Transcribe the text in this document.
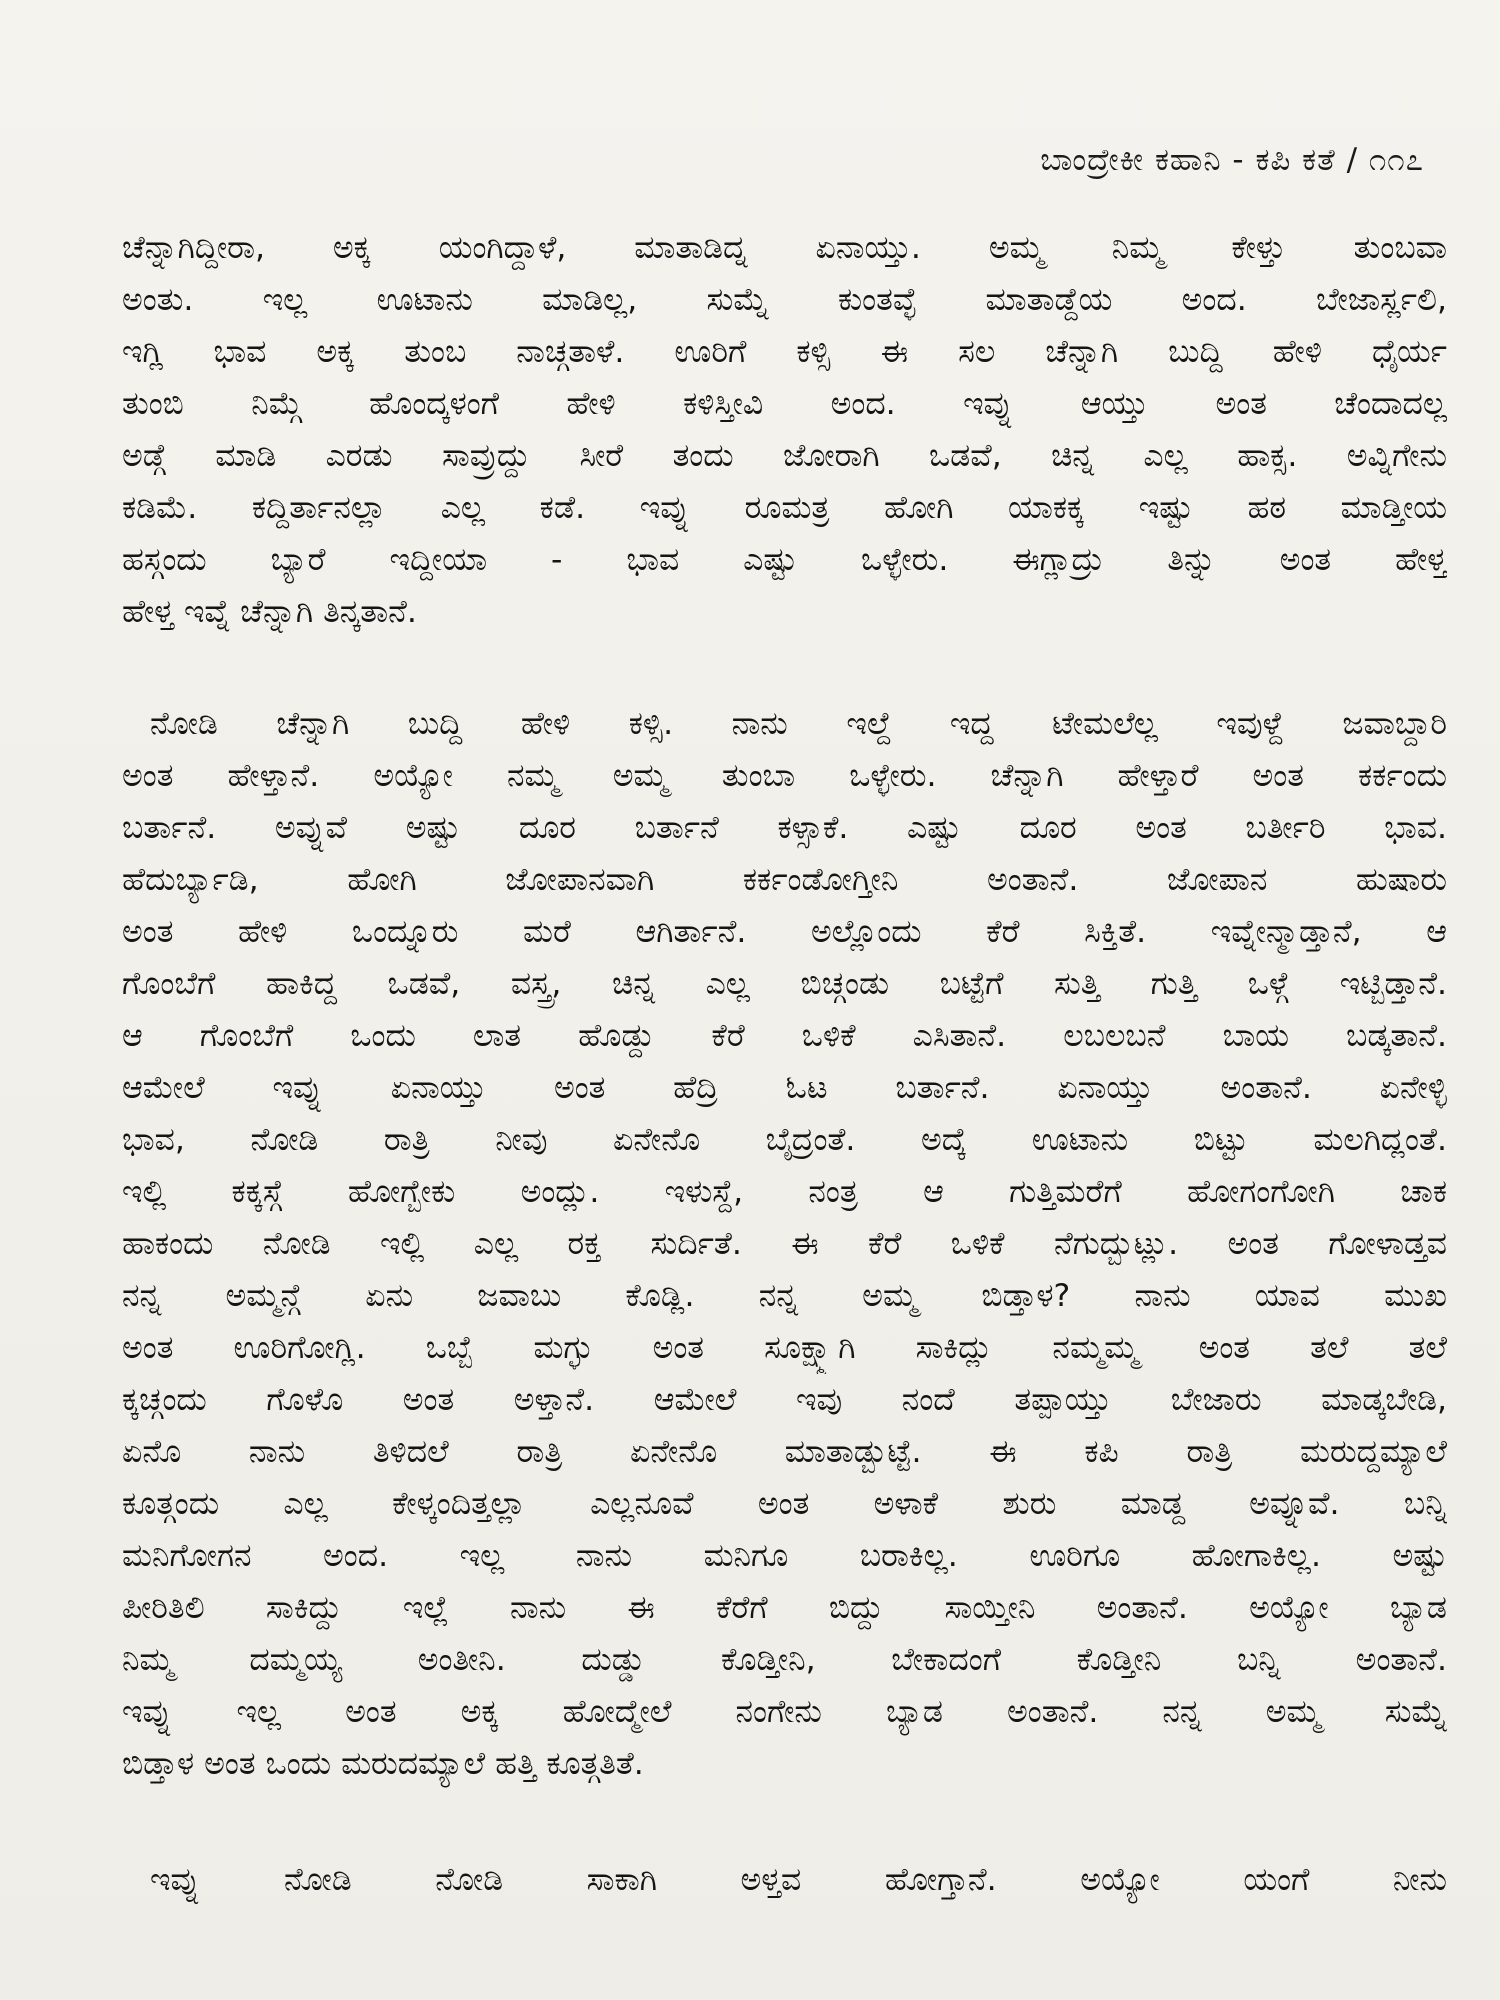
ಬಾಂದ್ರೇಕೀ ಕಹಾನಿ - ಕಪಿ ಕತೆ / ೧೧೭
ಚೆನ್ನಾಗಿದ್ದೀರಾ, ಅಕ್ಕ ಯಂಗಿದ್ದಾಳೆ, ಮಾತಾಡಿದ್ನ ಏನಾಯ್ತು. ಅಮ್ಮ ನಿಮ್ಮ ಕೇಳ್ತು ತುಂಬವಾ
ಅಂತು. ಇಲ್ಲ ಊಟಾನು ಮಾಡಿಲ್ಲ, ಸುಮ್ನೆ ಕುಂತವ್ಳೆ ಮಾತಾಡ್ದೆಯ ಅಂದ. ಬೇಜಾರ್ಸ್ಲಲಿ,
ಇಗ್ಲಿ ಭಾವ ಅಕ್ಕ ತುಂಬ ನಾಚ್ಗತಾಳೆ. ಊರಿಗೆ ಕಳ್ಸಿ ಈ ಸಲ ಚೆನ್ನಾಗಿ ಬುದ್ದಿ ಹೇಳಿ ಧೈರ್ಯ
ತುಂಬಿ ನಿಮ್ಗೆ ಹೊಂದ್ಕಳಂಗೆ ಹೇಳಿ ಕಳಿಸ್ತೀವಿ ಅಂದ. ಇವ್ನು ಆಯ್ತು ಅಂತ ಚೆಂದಾದಲ್ಲ
ಅಡ್ಗೆ ಮಾಡಿ ಎರಡು ಸಾವ್ರುದ್ದು ಸೀರೆ ತಂದು ಜೋರಾಗಿ ಒಡವೆ, ಚಿನ್ನ ಎಲ್ಲ ಹಾಕ್ಸ. ಅವ್ನಿಗೇನು
ಕಡಿಮೆ. ಕದ್ದಿರ್ತಾನಲ್ಲಾ ಎಲ್ಲ ಕಡೆ. ಇವ್ನು ರೂಮತ್ರ ಹೋಗಿ ಯಾಕಕ್ಕ ಇಷ್ಟು ಹಠ ಮಾಡ್ತೀಯ
ಹಸ್ಗಂದು ಬ್ಯಾರೆ ಇದ್ದೀಯಾ - ಭಾವ ಎಷ್ಟು ಒಳ್ಳೇರು. ಈಗ್ಲಾದ್ರು ತಿನ್ನು ಅಂತ ಹೇಳ್ತ
ಹೇಳ್ತ ಇವ್ನೆ ಚೆನ್ನಾಗಿ ತಿನ್ಕತಾನೆ.
ನೋಡಿ ಚೆನ್ನಾಗಿ ಬುದ್ದಿ ಹೇಳಿ ಕಳ್ಸಿ. ನಾನು ಇಲ್ದೆ ಇದ್ದ ಟೇಮಲೆಲ್ಲ ಇವುಳ್ದೆ ಜವಾಬ್ದಾರಿ
ಅಂತ ಹೇಳ್ತಾನೆ. ಅಯ್ಯೋ ನಮ್ಮ ಅಮ್ಮ ತುಂಬಾ ಒಳ್ಳೇರು. ಚೆನ್ನಾಗಿ ಹೇಳ್ತಾರೆ ಅಂತ ಕರ್ಕಂದು
ಬರ್ತಾನೆ. ಅವ್ನುವೆ ಅಷ್ಟು ದೂರ ಬರ್ತಾನೆ ಕಳ್ಸಾಕೆ. ಎಷ್ಟು ದೂರ ಅಂತ ಬರ್ತೀರಿ ಭಾವ.
ಹೆದುರ್ಬ್ಯಾಡಿ, ಹೋಗಿ ಜೋಪಾನವಾಗಿ ಕರ್ಕಂಡೋಗ್ತೀನಿ ಅಂತಾನೆ. ಜೋಪಾನ ಹುಷಾರು
ಅಂತ ಹೇಳಿ ಒಂದ್ನೂರು ಮರೆ ಆಗಿರ್ತಾನೆ. ಅಲ್ಲೊಂದು ಕೆರೆ ಸಿಕ್ತಿತೆ. ಇವ್ನೇನ್ಮಾಡ್ತಾನೆ, ಆ
ಗೊಂಬೆಗೆ ಹಾಕಿದ್ದ ಒಡವೆ, ವಸ್ತ್ರ, ಚಿನ್ನ ಎಲ್ಲ ಬಿಚ್ಗಂಡು ಬಟ್ಟೆಗೆ ಸುತ್ತಿ ಗುತ್ತಿ ಒಳ್ಗೆ ಇಟ್ಬಿಡ್ತಾನೆ.
ಆ ಗೊಂಬೆಗೆ ಒಂದು ಲಾತ ಹೊಡ್ದು ಕೆರೆ ಒಳಿಕೆ ಎಸಿತಾನೆ. ಲಬಲಬನೆ ಬಾಯ ಬಡ್ಕತಾನೆ.
ಆಮೇಲೆ ಇವ್ನು ಏನಾಯ್ತು ಅಂತ ಹೆದ್ರಿ ಓಟ ಬರ್ತಾನೆ. ಏನಾಯ್ತು ಅಂತಾನೆ. ಏನೇಳ್ಳಿ
ಭಾವ, ನೋಡಿ ರಾತ್ರಿ ನೀವು ಏನೇನೊ ಬೈದ್ರಂತೆ. ಅದ್ಕೆ ಊಟಾನು ಬಿಟ್ಟು ಮಲಗಿದ್ಲಂತೆ.
ಇಲ್ಲಿ ಕಕ್ಕಸ್ಗೆ ಹೋಗ್ಬೇಕು ಅಂದ್ಲು. ಇಳುಸ್ದೆ, ನಂತ್ರ ಆ ಗುತ್ತಿಮರೆಗೆ ಹೋಗಂಗೋಗಿ ಚಾಕ
ಹಾಕಂದು ನೋಡಿ ಇಲ್ಲಿ ಎಲ್ಲ ರಕ್ತ ಸುರ್ದಿತೆ. ಈ ಕೆರೆ ಒಳಿಕೆ ನೆಗುದ್ಬುಟ್ಲು. ಅಂತ ಗೋಳಾಡ್ತವ
ನನ್ನ ಅಮ್ಮನ್ಗೆ ಏನು ಜವಾಬು ಕೊಡ್ಲಿ. ನನ್ನ ಅಮ್ಮ ಬಿಡ್ತಾಳ? ನಾನು ಯಾವ ಮುಖ
ಅಂತ ಊರಿಗೋಗ್ಲಿ. ಒಬ್ಬೆ ಮಗ್ಳು ಅಂತ ಸೂಕ್ಷ್ಮಾಗಿ ಸಾಕಿದ್ಲು ನಮ್ಮಮ್ಮ ಅಂತ ತಲೆ ತಲೆ
ಕ್ಕಚ್ಗಂದು ಗೊಳೊ ಅಂತ ಅಳ್ತಾನೆ. ಆಮೇಲೆ ಇವು ನಂದೆ ತಪ್ಪಾಯ್ತು ಬೇಜಾರು ಮಾಡ್ಕಬೇಡಿ,
ಏನೊ ನಾನು ತಿಳಿದಲೆ ರಾತ್ರಿ ಏನೇನೊ ಮಾತಾಡ್ಬುಟ್ಟೆ. ಈ ಕಪಿ ರಾತ್ರಿ ಮರುದ್ದಮ್ಯಾಲೆ
ಕೂತ್ಗಂದು ಎಲ್ಲ ಕೇಳ್ಕಂದಿತ್ತಲ್ಲಾ ಎಲ್ಲನೂವೆ ಅಂತ ಅಳಾಕೆ ಶುರು ಮಾಡ್ದ ಅವ್ನೂವೆ. ಬನ್ನಿ
ಮನಿಗೋಗನ ಅಂದ. ಇಲ್ಲ ನಾನು ಮನಿಗೂ ಬರಾಕಿಲ್ಲ. ಊರಿಗೂ ಹೋಗಾಕಿಲ್ಲ. ಅಷ್ಟು
ಪೀರಿತಿಲಿ ಸಾಕಿದ್ದು ಇಲ್ಲೆ ನಾನು ಈ ಕೆರೆಗೆ ಬಿದ್ದು ಸಾಯ್ತೀನಿ ಅಂತಾನೆ. ಅಯ್ಯೋ ಬ್ಯಾಡ
ನಿಮ್ಮ ದಮ್ಮಯ್ಯ ಅಂತೀನಿ. ದುಡ್ಡು ಕೊಡ್ತೀನಿ, ಬೇಕಾದಂಗೆ ಕೊಡ್ತೀನಿ ಬನ್ನಿ ಅಂತಾನೆ.
ಇವ್ನು ಇಲ್ಲ ಅಂತ ಅಕ್ಕ ಹೋದ್ಮೇಲೆ ನಂಗೇನು ಬ್ಯಾಡ ಅಂತಾನೆ. ನನ್ನ ಅಮ್ಮ ಸುಮ್ನೆ
ಬಿಡ್ತಾಳ ಅಂತ ಒಂದು ಮರುದಮ್ಯಾಲೆ ಹತ್ತಿ ಕೂತ್ಗತಿತೆ.
ಇವ್ನು ನೋಡಿ ನೋಡಿ ಸಾಕಾಗಿ ಅಳ್ತವ ಹೋಗ್ತಾನೆ. ಅಯ್ಯೋ ಯಂಗೆ ನೀನು
